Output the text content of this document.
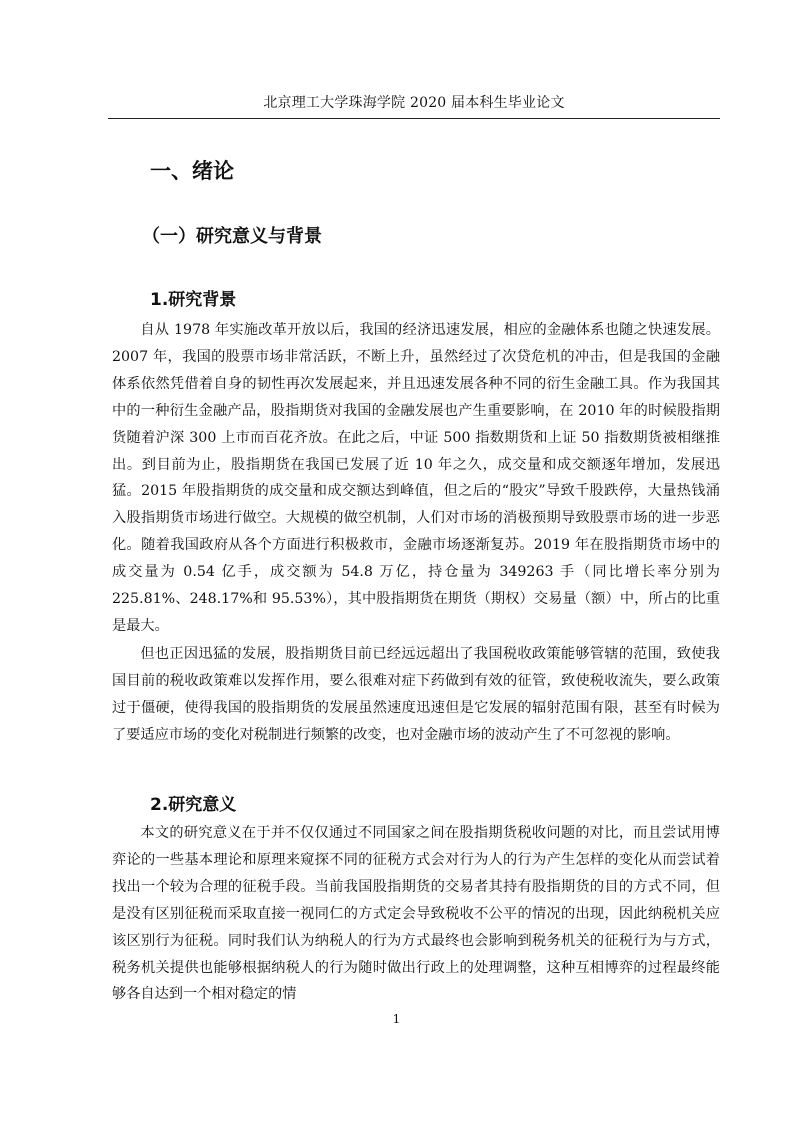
北京理工大学珠海学院 2020 届本科生毕业论文
一、绪论
（一）研究意义与背景
1.研究背景

自从 1978 年实施改革开放以后，我国的经济迅速发展，相应的金融体系也随之快速发展。2007 年，我国的股票市场非常活跃，不断上升，虽然经过了次贷危机的冲击，但是我国的金融体系依然凭借着自身的韧性再次发展起来，并且迅速发展各种不同的衍生金融工具。作为我国其中的一种衍生金融产品，股指期货对我国的金融发展也产生重要影响，在 2010 年的时候股指期货随着沪深 300 上市而百花齐放。在此之后，中证 500 指数期货和上证 50 指数期货被相继推出。到目前为止，股指期货在我国已发展了近 10 年之久，成交量和成交额逐年增加，发展迅猛。2015 年股指期货的成交量和成交额达到峰值，但之后的“股灾”导致千股跌停，大量热钱涌入股指期货市场进行做空。大规模的做空机制，人们对市场的消极预期导致股票市场的进一步恶化。随着我国政府从各个方面进行积极救市，金融市场逐渐复苏。2019 年在股指期货市场中的成交量为 0.54 亿手，成交额为 54.8 万亿，持仓量为 349263 手（同比增长率分别为 225.81%、248.17%和 95.53%），其中股指期货在期货（期权）交易量（额）中，所占的比重是最大。

但也正因迅猛的发展，股指期货目前已经远远超出了我国税收政策能够管辖的范围，致使我国目前的税收政策难以发挥作用，要么很难对症下药做到有效的征管，致使税收流失，要么政策过于僵硬，使得我国的股指期货的发展虽然速度迅速但是它发展的辐射范围有限，甚至有时候为了要适应市场的变化对税制进行频繁的改变，也对金融市场的波动产生了不可忽视的影响。

2.研究意义

本文的研究意义在于并不仅仅通过不同国家之间在股指期货税收问题的对比，而且尝试用博弈论的一些基本理论和原理来窥探不同的征税方式会对行为人的行为产生怎样的变化从而尝试着找出一个较为合理的征税手段。当前我国股指期货的交易者其持有股指期货的目的方式不同，但是没有区别征税而采取直接一视同仁的方式定会导致税收不公平的情况的出现，因此纳税机关应该区别行为征税。同时我们认为纳税人的行为方式最终也会影响到税务机关的征税行为与方式，税务机关提供也能够根据纳税人的行为随时做出行政上的处理调整，这种互相博弈的过程最终能够各自达到一个相对稳定的情

1
